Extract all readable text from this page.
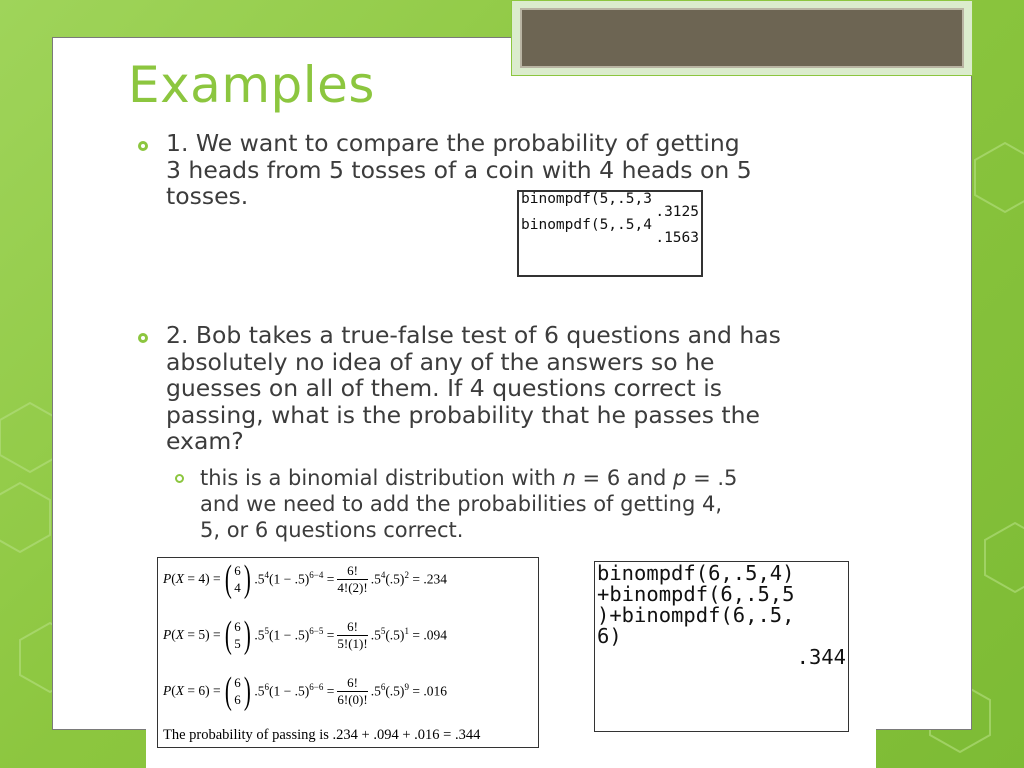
Examples

1. We want to compare the probability of getting

3 heads from 5 tosses of a coin with 4 heads on 5

tosses.	binompdf(5,.5,3

.3125

binompdf(5,.5,4

.1563

2. Bob takes a true-false test of 6 questions and has

absolutely no idea of any of the answers so he

guesses on all of them. If 4 questions correct is

passing, what is the probability that he passes the

exam?

this is a binomial distribution with n = 6 and p = .5

and we need to add the probabilities of getting 4,

5, or 6 questions correct.

P(X = 4) = ( 6
4 ) $.5^4(1 - .5)^{6-4} = \frac{6!}{4!(2)!} .5^4(.5)^2 = .234$
P(X = 5) = ( 6
5 ) $.5^5(1 - .5)^{6-5} = \frac{6!}{5!(1)!} .5^5(.5)^1 = .094$
P(X = 6) = ( 6
6 ) $.5^6(1 - .5)^{6-6} = \frac{6!}{6!(0)!} .5^6(.5)^9 = .016$
The probability of passing is .234 + .094 + .016 = .344

binompdf(6,.5,4)

+binompdf(6,.5,5

)+binompdf(6,.5,

6)

.344
